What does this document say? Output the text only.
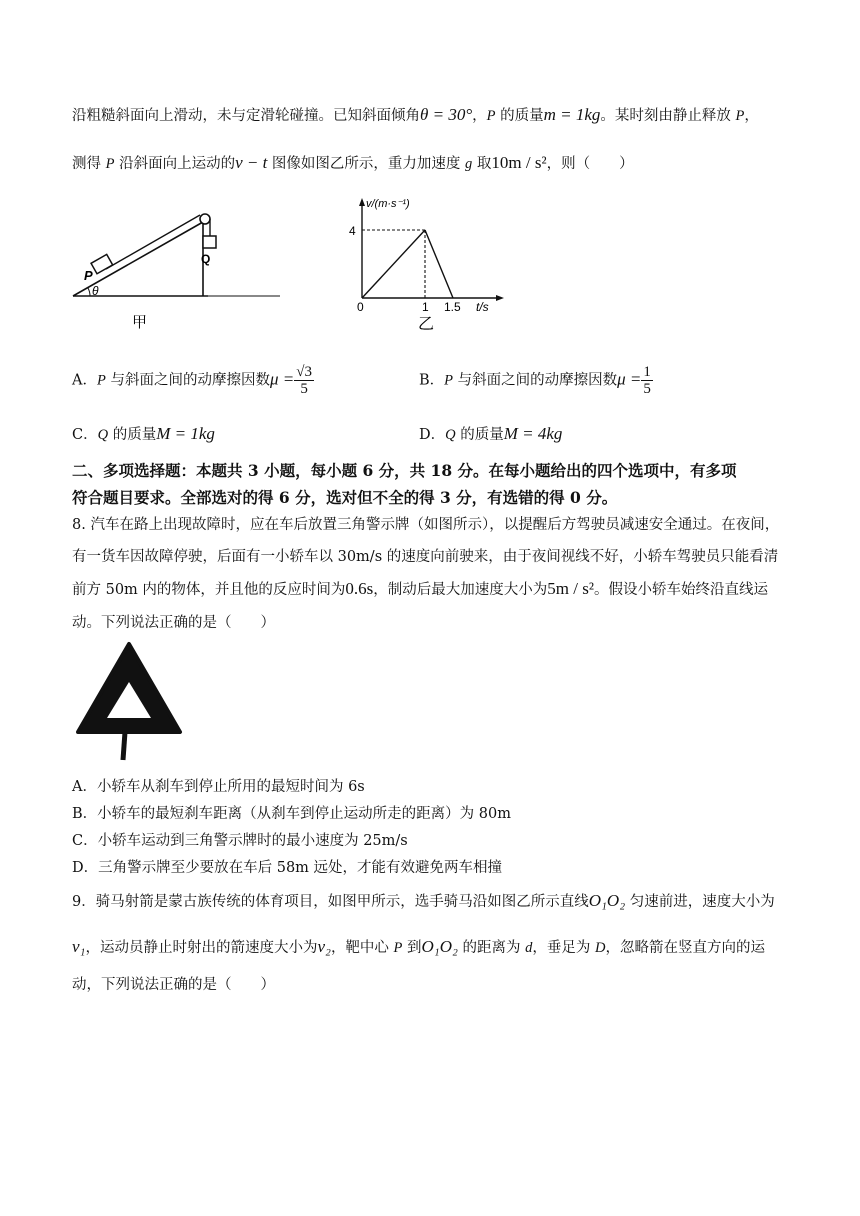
沿粗糙斜面向上滑动，未与定滑轮碰撞。已知斜面倾角θ = 30°，P 的质量m = 1kg。某时刻由静止释放 P，
测得 P 沿斜面向上运动的v − t 图像如图乙所示，重力加速度 g 取10m / s²，则（　　）
P
θ
Q
甲
v/(m·s⁻¹)
4
0	1 1.5 t/s
乙
A．P 与斜面之间的动摩擦因数$\mu = \frac{√3}{5}$	B．P 与斜面之间的动摩擦因数$\mu = \frac{1}{5}$
C．Q 的质量M = 1kg	D．Q 的质量M = 4kg
二、多项选择题：本题共 3 小题，每小题 6 分，共 18 分。在每小题给出的四个选项中，有多项
符合题目要求。全部选对的得 6 分，选对但不全的得 3 分，有选错的得 0 分。
8. 汽车在路上出现故障时，应在车后放置三角警示牌（如图所示），以提醒后方驾驶员减速安全通过。在夜间，
有一货车因故障停驶，后面有一小轿车以 30m/s 的速度向前驶来，由于夜间视线不好，小轿车驾驶员只能看清
前方 50m 内的物体，并且他的反应时间为0.6s，制动后最大加速度大小为5m / s²。假设小轿车始终沿直线运
动。下列说法正确的是（　　）
A．小轿车从刹车到停止所用的最短时间为 6s
B．小轿车的最短刹车距离（从刹车到停止运动所走的距离）为 80m
C．小轿车运动到三角警示牌时的最小速度为 25m/s
D．三角警示牌至少要放在车后 58m 远处，才能有效避免两车相撞
9．骑马射箭是蒙古族传统的体育项目，如图甲所示，选手骑马沿如图乙所示直线O₁O₂ 匀速前进，速度大小为
v₁，运动员静止时射出的箭速度大小为v₂，靶中心 P 到O₁O₂ 的距离为 d，垂足为 D，忽略箭在竖直方向的运
动，下列说法正确的是（　　）
